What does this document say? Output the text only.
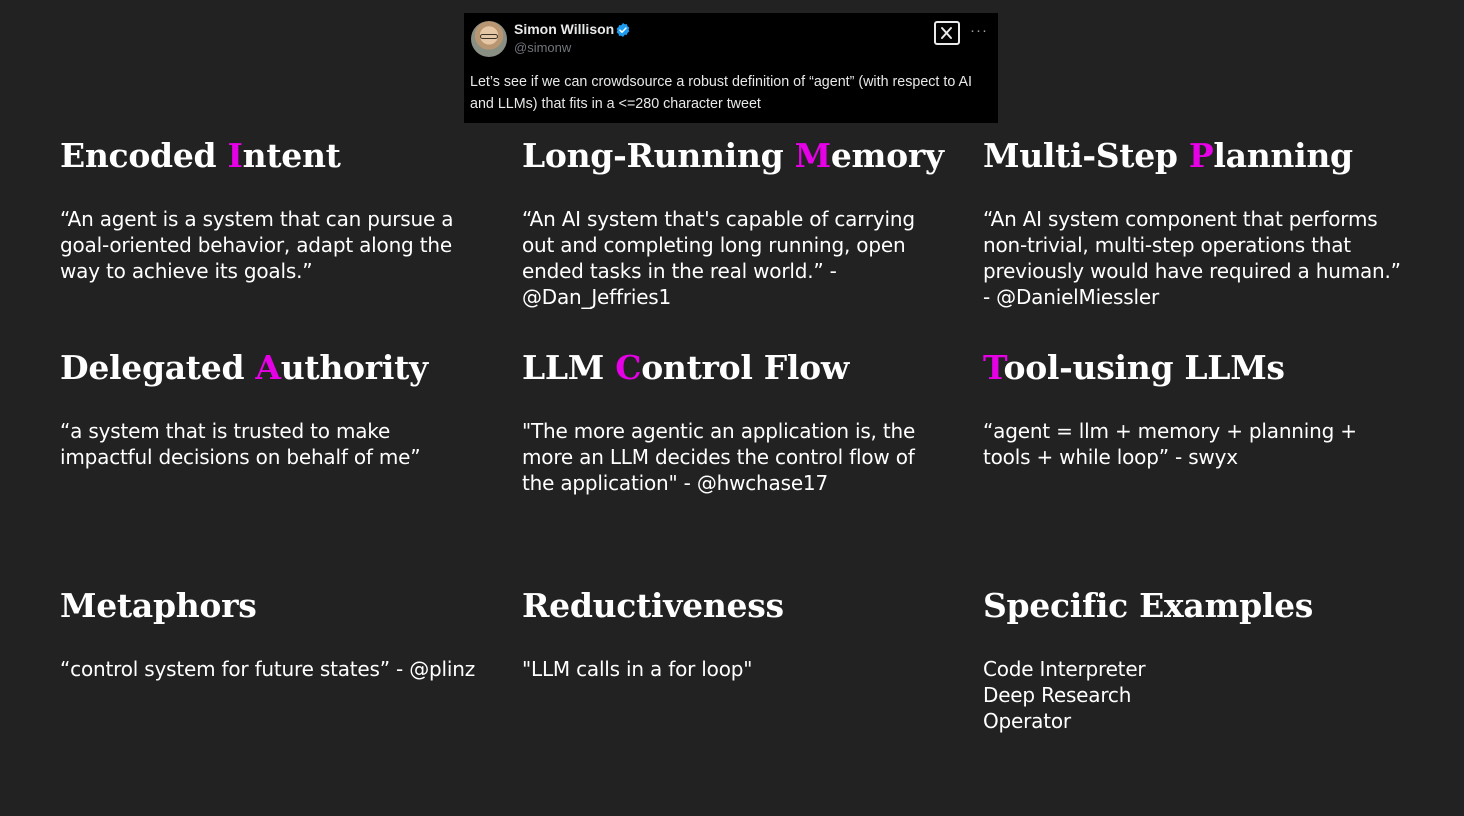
Simon Willison
@simonw
···
Let’s see if we can crowdsource a robust definition of “agent” (with respect to AI and LLMs) that fits in a <=280 character tweet
Encoded Intent

“An agent is a system that can pursue a goal-oriented behavior, adapt along the way to achieve its goals.”

Long-Running Memory

“An AI system that's capable of carrying out and completing long running, open ended tasks in the real world.” - @Dan_Jeffries1

Multi-Step Planning

“An AI system component that performs non-trivial, multi-step operations that previously would have required a human.” - @DanielMiessler

Delegated Authority

“a system that is trusted to make impactful decisions on behalf of me”

LLM Control Flow

"The more agentic an application is, the more an LLM decides the control flow of the application" - @hwchase17

Tool-using LLMs

“agent = llm + memory + planning + tools + while loop” - swyx

Metaphors

“control system for future states” - @plinz

Reductiveness

"LLM calls in a for loop"

Specific Examples

Code Interpreter
Deep Research
Operator
